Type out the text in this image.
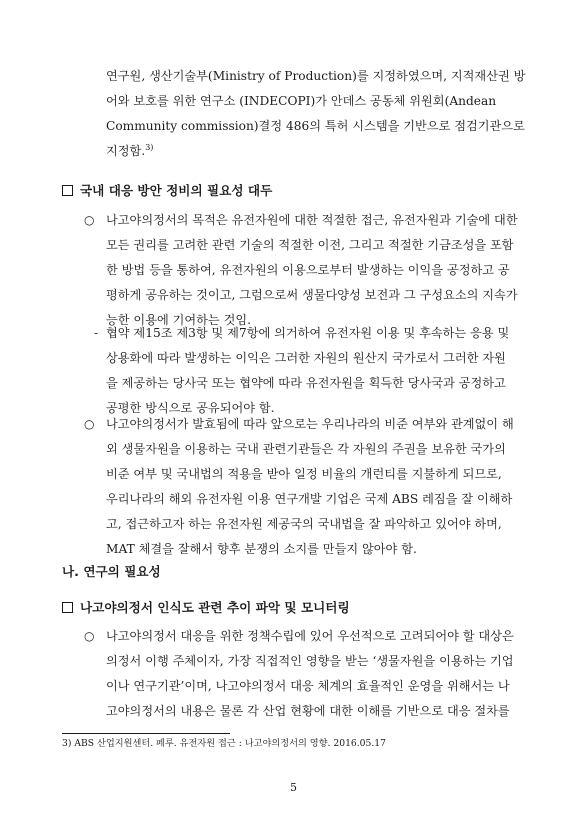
연구원, 생산기술부(Ministry of Production)를 지정하였으며, 지적재산권 방
어와 보호를 위한 연구소 (INDECOPI)가 안데스 공동체 위원회(Andean
Community commission)결정 486의 특허 시스템을 기반으로 점검기관으로
지정함.$^{3)}$

국내 대응 방안 정비의 필요성 대두
○ 나고야의정서의 목적은 유전자원에 대한 적절한 접근, 유전자원과 기술에 대한
모든 권리를 고려한 관련 기술의 적절한 이전, 그리고 적절한 기금조성을 포함
한 방법 등을 통하여, 유전자원의 이용으로부터 발생하는 이익을 공정하고 공
평하게 공유하는 것이고, 그럼으로써 생물다양성 보전과 그 구성요소의 지속가
능한 이용에 기여하는 것임.

- 협약 제15조 제3항 및 제7항에 의거하여 유전자원 이용 및 후속하는 응용 및
상용화에 따라 발생하는 이익은 그러한 자원의 원산지 국가로서 그러한 자원
을 제공하는 당사국 또는 협약에 따라 유전자원을 획득한 당사국과 공정하고
공평한 방식으로 공유되어야 함.

○ 나고야의정서가 발효됨에 따라 앞으로는 우리나라의 비준 여부와 관계없이 해
외 생물자원을 이용하는 국내 관련기관들은 각 자원의 주권을 보유한 국가의
비준 여부 및 국내법의 적용을 받아 일정 비율의 개런티를 지불하게 되므로,
우리나라의 해외 유전자원 이용 연구개발 기업은 국제 ABS 레짐을 잘 이해하
고, 접근하고자 하는 유전자원 제공국의 국내법을 잘 파악하고 있어야 하며,
MAT 체결을 잘해서 향후 분쟁의 소지를 만들지 않아야 함.

나. 연구의 필요성
나고야의정서 인식도 관련 추이 파악 및 모니터링
○ 나고야의정서 대응을 위한 정책수립에 있어 우선적으로 고려되어야 할 대상은
의정서 이행 주체이자, 가장 직접적인 영향을 받는 ‘생물자원을 이용하는 기업
이나 연구기관’이며, 나고야의정서 대응 체계의 효율적인 운영을 위해서는 나
고야의정서의 내용은 물론 각 산업 현황에 대한 이해를 기반으로 대응 절차를

3) ABS 산업지원센터. 페루. 유전자원 접근 : 나고야의정서의 영향. 2016.05.17
5
